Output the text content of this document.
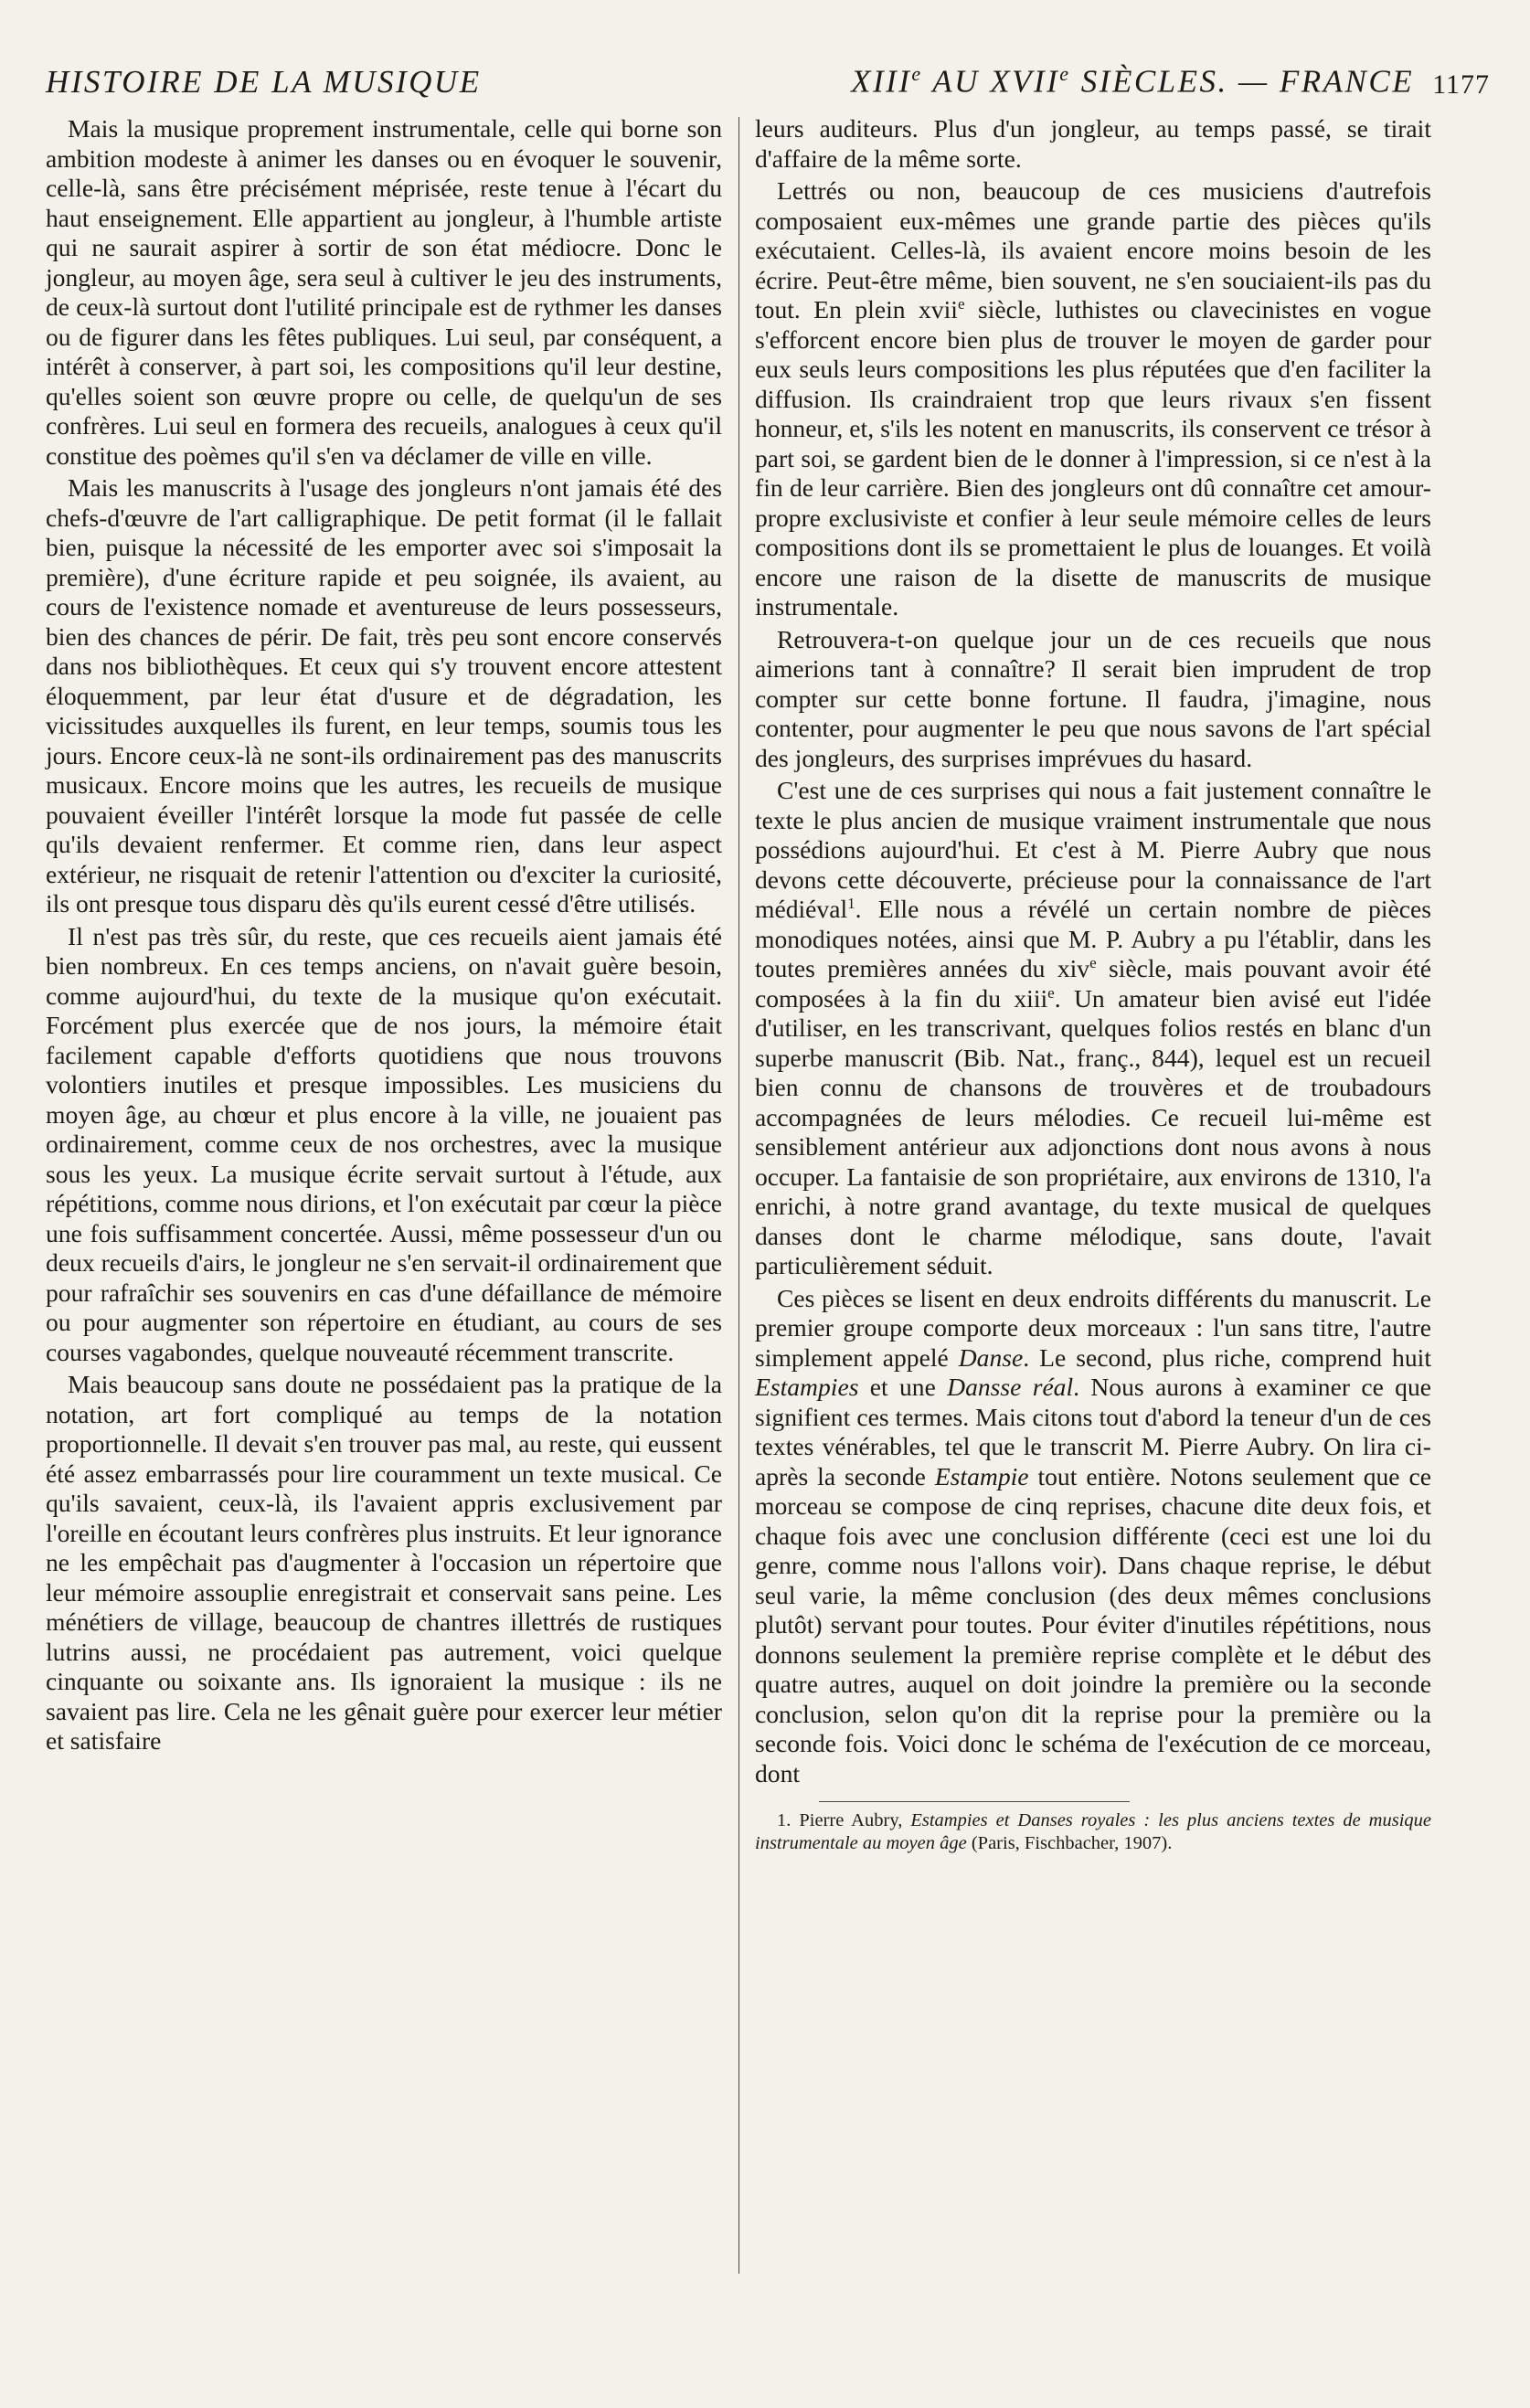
HISTOIRE DE LA MUSIQUE	XIIIe AU XVIIe SIÈCLES. — FRANCE 1177

Mais la musique proprement instrumentale, celle qui borne son ambition modeste à animer les danses ou en évoquer le souvenir, celle-là, sans être précisément méprisée, reste tenue à l'écart du haut enseignement. Elle appartient au jongleur, à l'humble artiste qui ne saurait aspirer à sortir de son état médiocre. Donc le jongleur, au moyen âge, sera seul à cultiver le jeu des instruments, de ceux-là surtout dont l'utilité principale est de rythmer les danses ou de figurer dans les fêtes publiques. Lui seul, par conséquent, a intérêt à conserver, à part soi, les compositions qu'il leur destine, qu'elles soient son œuvre propre ou celle, de quelqu'un de ses confrères. Lui seul en formera des recueils, analogues à ceux qu'il constitue des poèmes qu'il s'en va déclamer de ville en ville.

Mais les manuscrits à l'usage des jongleurs n'ont jamais été des chefs-d'œuvre de l'art calligraphique. De petit format (il le fallait bien, puisque la nécessité de les emporter avec soi s'imposait la première), d'une écriture rapide et peu soignée, ils avaient, au cours de l'existence nomade et aventureuse de leurs possesseurs, bien des chances de périr. De fait, très peu sont encore conservés dans nos bibliothèques. Et ceux qui s'y trouvent encore attestent éloquemment, par leur état d'usure et de dégradation, les vicissitudes auxquelles ils furent, en leur temps, soumis tous les jours. Encore ceux-là ne sont-ils ordinairement pas des manuscrits musicaux. Encore moins que les autres, les recueils de musique pouvaient éveiller l'intérêt lorsque la mode fut passée de celle qu'ils devaient renfermer. Et comme rien, dans leur aspect extérieur, ne risquait de retenir l'attention ou d'exciter la curiosité, ils ont presque tous disparu dès qu'ils eurent cessé d'être utilisés.

Il n'est pas très sûr, du reste, que ces recueils aient jamais été bien nombreux. En ces temps anciens, on n'avait guère besoin, comme aujourd'hui, du texte de la musique qu'on exécutait. Forcément plus exercée que de nos jours, la mémoire était facilement capable d'efforts quotidiens que nous trouvons volontiers inutiles et presque impossibles. Les musiciens du moyen âge, au chœur et plus encore à la ville, ne jouaient pas ordinairement, comme ceux de nos orchestres, avec la musique sous les yeux. La musique écrite servait surtout à l'étude, aux répétitions, comme nous dirions, et l'on exécutait par cœur la pièce une fois suffisamment concertée. Aussi, même possesseur d'un ou deux recueils d'airs, le jongleur ne s'en servait-il ordinairement que pour rafraîchir ses souvenirs en cas d'une défaillance de mémoire ou pour augmenter son répertoire en étudiant, au cours de ses courses vagabondes, quelque nouveauté récemment transcrite.

Mais beaucoup sans doute ne possédaient pas la pratique de la notation, art fort compliqué au temps de la notation proportionnelle. Il devait s'en trouver pas mal, au reste, qui eussent été assez embarrassés pour lire couramment un texte musical. Ce qu'ils savaient, ceux-là, ils l'avaient appris exclusivement par l'oreille en écoutant leurs confrères plus instruits. Et leur ignorance ne les empêchait pas d'augmenter à l'occasion un répertoire que leur mémoire assouplie enregistrait et conservait sans peine. Les ménétiers de village, beaucoup de chantres illettrés de rustiques lutrins aussi, ne procédaient pas autrement, voici quelque cinquante ou soixante ans. Ils ignoraient la musique : ils ne savaient pas lire. Cela ne les gênait guère pour exercer leur métier et satisfaire

leurs auditeurs. Plus d'un jongleur, au temps passé, se tirait d'affaire de la même sorte.

Lettrés ou non, beaucoup de ces musiciens d'autrefois composaient eux-mêmes une grande partie des pièces qu'ils exécutaient. Celles-là, ils avaient encore moins besoin de les écrire. Peut-être même, bien souvent, ne s'en souciaient-ils pas du tout. En plein xvii$^e$ siècle, luthistes ou clavecinistes en vogue s'efforcent encore bien plus de trouver le moyen de garder pour eux seuls leurs compositions les plus réputées que d'en faciliter la diffusion. Ils craindraient trop que leurs rivaux s'en fissent honneur, et, s'ils les notent en manuscrits, ils conservent ce trésor à part soi, se gardent bien de le donner à l'impression, si ce n'est à la fin de leur carrière. Bien des jongleurs ont dû connaître cet amour-propre exclusiviste et confier à leur seule mémoire celles de leurs compositions dont ils se promettaient le plus de louanges. Et voilà encore une raison de la disette de manuscrits de musique instrumentale.

Retrouvera-t-on quelque jour un de ces recueils que nous aimerions tant à connaître? Il serait bien imprudent de trop compter sur cette bonne fortune. Il faudra, j'imagine, nous contenter, pour augmenter le peu que nous savons de l'art spécial des jongleurs, des surprises imprévues du hasard.

C'est une de ces surprises qui nous a fait justement connaître le texte le plus ancien de musique vraiment instrumentale que nous possédions aujourd'hui. Et c'est à M. Pierre Aubry que nous devons cette découverte, précieuse pour la connaissance de l'art médiéval$^1$. Elle nous a révélé un certain nombre de pièces monodiques notées, ainsi que M. P. Aubry a pu l'établir, dans les toutes premières années du xiv$^e$ siècle, mais pouvant avoir été composées à la fin du xiii$^e$. Un amateur bien avisé eut l'idée d'utiliser, en les transcrivant, quelques folios restés en blanc d'un superbe manuscrit (Bib. Nat., franç., 844), lequel est un recueil bien connu de chansons de trouvères et de troubadours accompagnées de leurs mélodies. Ce recueil lui-même est sensiblement antérieur aux adjonctions dont nous avons à nous occuper. La fantaisie de son propriétaire, aux environs de 1310, l'a enrichi, à notre grand avantage, du texte musical de quelques danses dont le charme mélodique, sans doute, l'avait particulièrement séduit.

Ces pièces se lisent en deux endroits différents du manuscrit. Le premier groupe comporte deux morceaux : l'un sans titre, l'autre simplement appelé Danse. Le second, plus riche, comprend huit Estampies et une Dansse réal. Nous aurons à examiner ce que signifient ces termes. Mais citons tout d'abord la teneur d'un de ces textes vénérables, tel que le transcrit M. Pierre Aubry. On lira ci-après la seconde Estampie tout entière. Notons seulement que ce morceau se compose de cinq reprises, chacune dite deux fois, et chaque fois avec une conclusion différente (ceci est une loi du genre, comme nous l'allons voir). Dans chaque reprise, le début seul varie, la même conclusion (des deux mêmes conclusions plutôt) servant pour toutes. Pour éviter d'inutiles répétitions, nous donnons seulement la première reprise complète et le début des quatre autres, auquel on doit joindre la première ou la seconde conclusion, selon qu'on dit la reprise pour la première ou la seconde fois. Voici donc le schéma de l'exécution de ce morceau, dont

1. Pierre Aubry, Estampies et Danses royales : les plus anciens textes de musique instrumentale au moyen âge (Paris, Fischbacher, 1907).
